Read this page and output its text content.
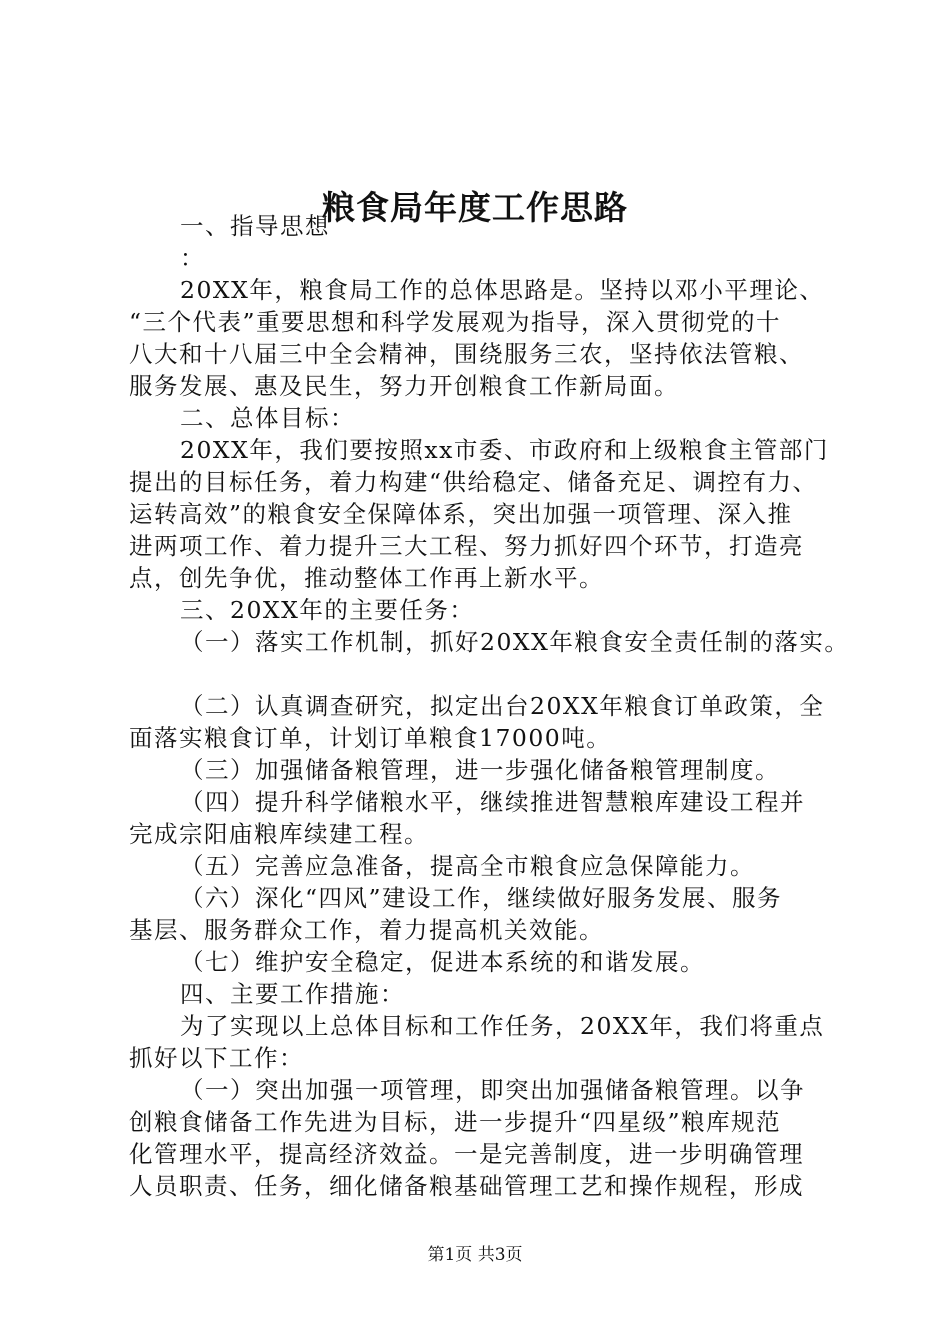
粮食局年度工作思路
一、指导思想
：
20XX年，粮食局工作的总体思路是。坚持以邓小平理论、
“三个代表”重要思想和科学发展观为指导，深入贯彻党的十
八大和十八届三中全会精神，围绕服务三农，坚持依法管粮、
服务发展、惠及民生，努力开创粮食工作新局面。
二、总体目标：
20XX年，我们要按照xx市委、市政府和上级粮食主管部门
提出的目标任务，着力构建“供给稳定、储备充足、调控有力、
运转高效”的粮食安全保障体系，突出加强一项管理、深入推
进两项工作、着力提升三大工程、努力抓好四个环节，打造亮
点，创先争优，推动整体工作再上新水平。
三、20XX年的主要任务：
（一）落实工作机制，抓好20XX年粮食安全责任制的落实。
（二）认真调查研究，拟定出台20XX年粮食订单政策，全
面落实粮食订单，计划订单粮食17000吨。
（三）加强储备粮管理，进一步强化储备粮管理制度。
（四）提升科学储粮水平，继续推进智慧粮库建设工程并
完成宗阳庙粮库续建工程。
（五）完善应急准备，提高全市粮食应急保障能力。
（六）深化“四风”建设工作，继续做好服务发展、服务
基层、服务群众工作，着力提高机关效能。
（七）维护安全稳定，促进本系统的和谐发展。
四、主要工作措施：
为了实现以上总体目标和工作任务，20XX年，我们将重点
抓好以下工作：
（一）突出加强一项管理，即突出加强储备粮管理。以争
创粮食储备工作先进为目标，进一步提升“四星级”粮库规范
化管理水平，提高经济效益。一是完善制度，进一步明确管理
人员职责、任务，细化储备粮基础管理工艺和操作规程，形成
第1页 共3页
